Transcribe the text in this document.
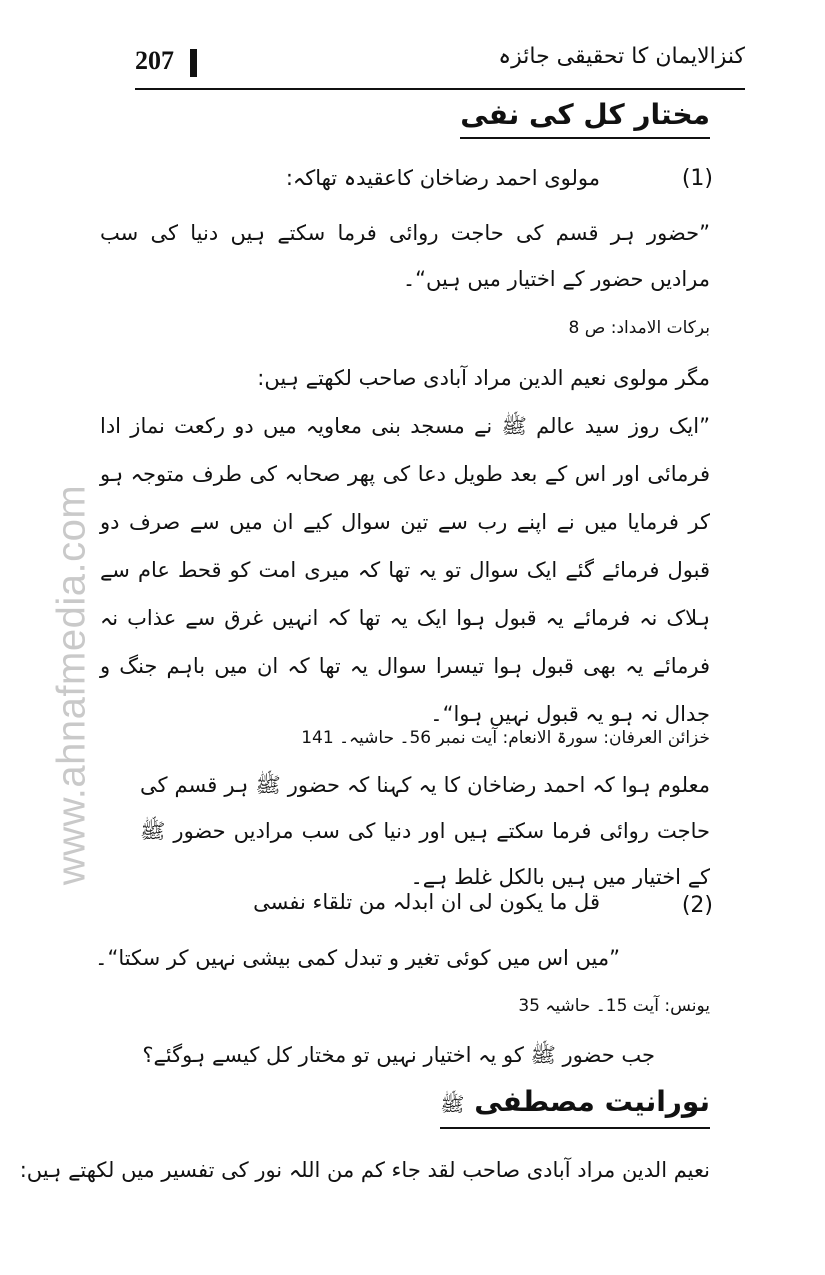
www.ahnafmedia.com
207	کنزالایمان کا تحقیقی جائزہ
مختار کل کی نفی
(1)
مولوی احمد رضاخان کاعقیدہ تھاکہ:
”حضور ہر قسم کی حاجت روائی فرما سکتے ہیں دنیا کی سب مرادیں حضور کے اختیار میں ہیں“۔
برکات الامداد: ص 8
مگر مولوی نعیم الدین مراد آبادی صاحب لکھتے ہیں:
”ایک روز سید عالم ﷺ نے مسجد بنی معاویہ میں دو رکعت نماز ادا فرمائی اور اس کے بعد طویل دعا کی پھر صحابہ کی طرف متوجہ ہو کر فرمایا میں نے اپنے رب سے تین سوال کیے ان میں سے صرف دو قبول فرمائے گئے ایک سوال تو یہ تھا کہ میری امت کو قحط عام سے ہلاک نہ فرمائے یہ قبول ہوا ایک یہ تھا کہ انہیں غرق سے عذاب نہ فرمائے یہ بھی قبول ہوا تیسرا سوال یہ تھا کہ ان میں باہم جنگ و جدال نہ ہو یہ قبول نہیں ہوا“۔
خزائن العرفان: سورۃ الانعام: آیت نمبر 56۔ حاشیہ۔ 141
معلوم ہوا کہ احمد رضاخان کا یہ کہنا کہ حضور ﷺ ہر قسم کی حاجت روائی فرما سکتے ہیں اور دنیا کی سب مرادیں حضور ﷺ کے اختیار میں ہیں بالکل غلط ہے۔
(2)
قل ما یکون لی ان ابدلہ من تلقاء نفسی
”میں اس میں کوئی تغیر و تبدل کمی بیشی نہیں کر سکتا“۔
یونس: آیت 15۔ حاشیہ 35
جب حضور ﷺ کو یہ اختیار نہیں تو مختار کل کیسے ہوگئے؟
نورانیت مصطفی ﷺ
نعیم الدین مراد آبادی صاحب لقد جاء کم من اللہ نور کی تفسیر میں لکھتے ہیں:
